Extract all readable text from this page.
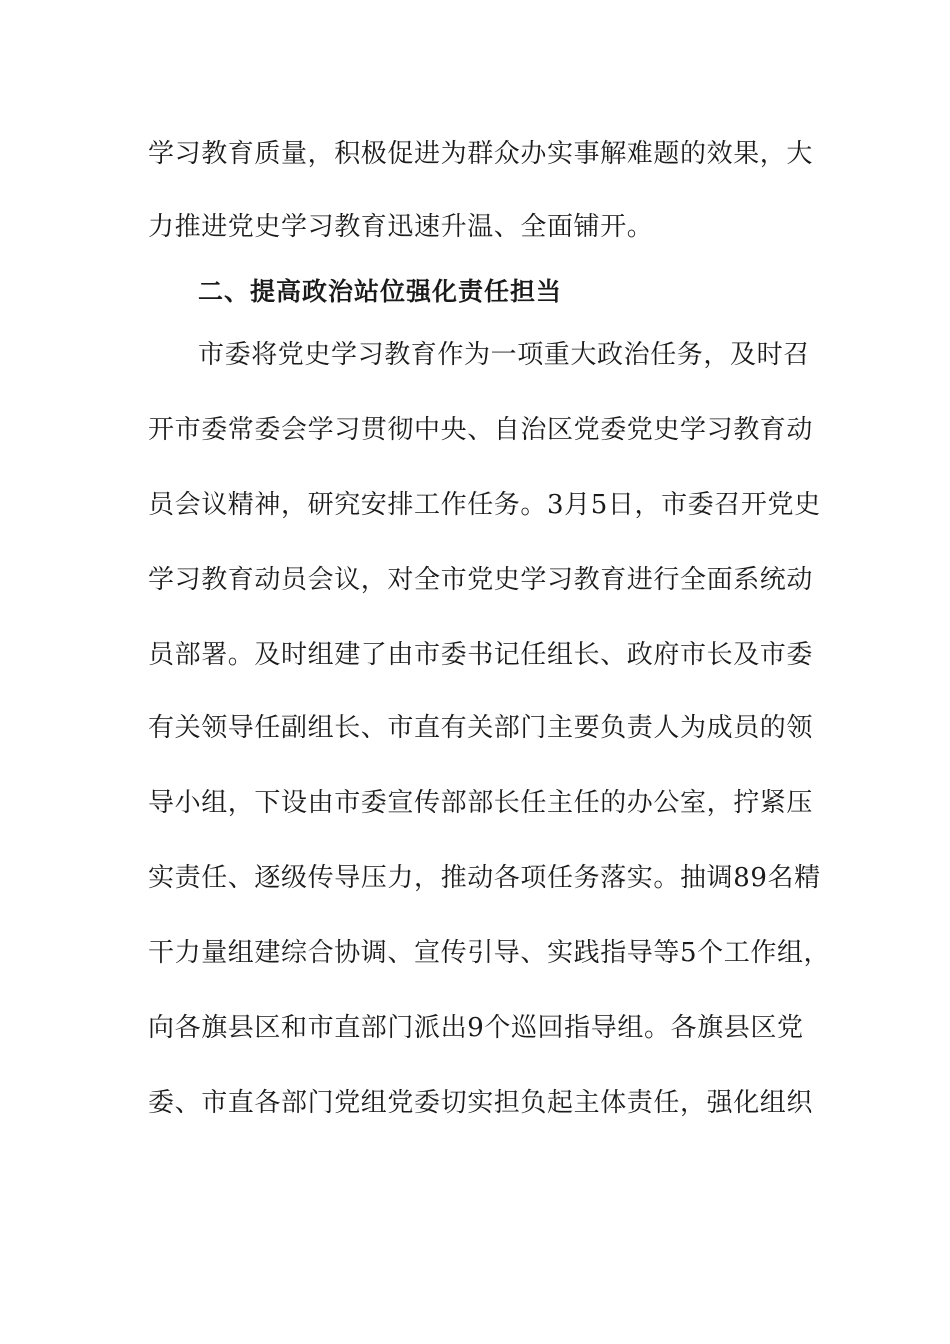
学习教育质量，积极促进为群众办实事解难题的效果，大
力推进党史学习教育迅速升温、全面铺开。
二、提高政治站位强化责任担当
市委将党史学习教育作为一项重大政治任务，及时召
开市委常委会学习贯彻中央、自治区党委党史学习教育动
员会议精神，研究安排工作任务。3月5日，市委召开党史
学习教育动员会议，对全市党史学习教育进行全面系统动
员部署。及时组建了由市委书记任组长、政府市长及市委
有关领导任副组长、市直有关部门主要负责人为成员的领
导小组，下设由市委宣传部部长任主任的办公室，拧紧压
实责任、逐级传导压力，推动各项任务落实。抽调89名精
干力量组建综合协调、宣传引导、实践指导等5个工作组，
向各旗县区和市直部门派出9个巡回指导组。各旗县区党
委、市直各部门党组党委切实担负起主体责任，强化组织
